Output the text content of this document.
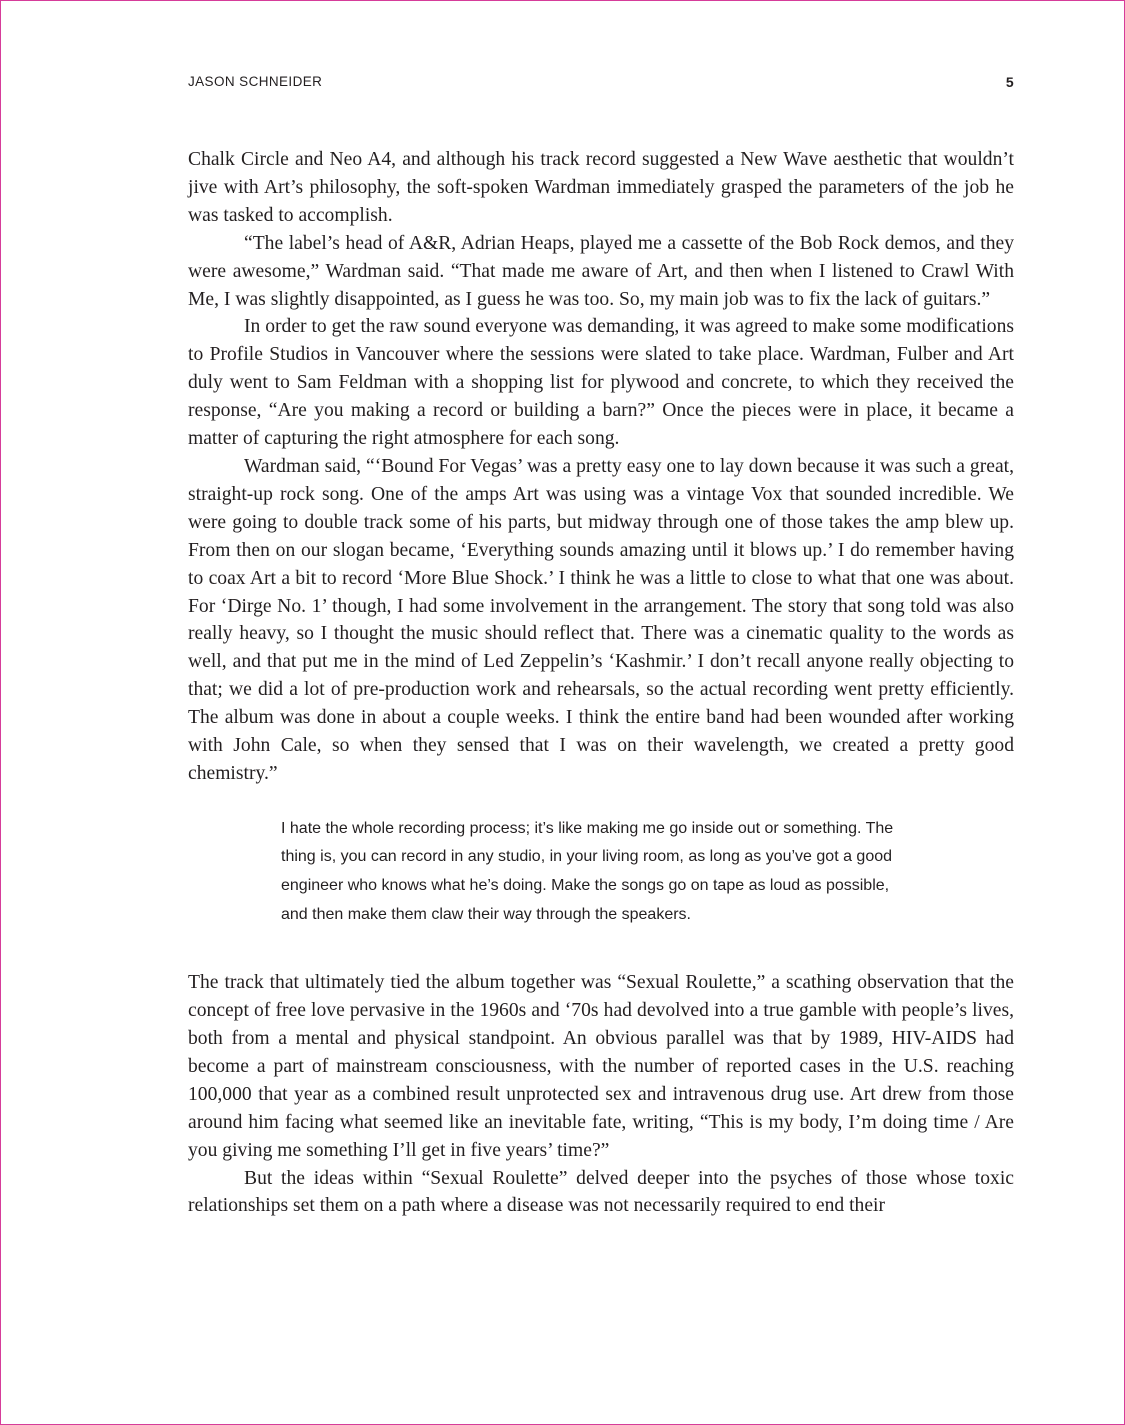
JASON SCHNEIDER	5

Chalk Circle and Neo A4, and although his track record suggested a New Wave aesthetic that wouldn’t jive with Art’s philosophy, the soft-spoken Wardman immediately grasped the parameters of the job he was tasked to accomplish.

“The label’s head of A&R, Adrian Heaps, played me a cassette of the Bob Rock demos, and they were awesome,” Wardman said. “That made me aware of Art, and then when I listened to Crawl With Me, I was slightly disappointed, as I guess he was too. So, my main job was to fix the lack of guitars.”

In order to get the raw sound everyone was demanding, it was agreed to make some modifications to Profile Studios in Vancouver where the sessions were slated to take place. Wardman, Fulber and Art duly went to Sam Feldman with a shopping list for plywood and concrete, to which they received the response, “Are you making a record or building a barn?” Once the pieces were in place, it became a matter of capturing the right atmosphere for each song.

Wardman said, “‘Bound For Vegas’ was a pretty easy one to lay down because it was such a great, straight-up rock song. One of the amps Art was using was a vintage Vox that sounded incredible. We were going to double track some of his parts, but midway through one of those takes the amp blew up. From then on our slogan became, ‘Everything sounds amazing until it blows up.’ I do remember having to coax Art a bit to record ‘More Blue Shock.’ I think he was a little to close to what that one was about. For ‘Dirge No. 1’ though, I had some involvement in the arrangement. The story that song told was also really heavy, so I thought the music should reflect that. There was a cinematic quality to the words as well, and that put me in the mind of Led Zeppelin’s ‘Kashmir.’ I don’t recall anyone really objecting to that; we did a lot of pre-production work and rehearsals, so the actual recording went pretty efficiently. The album was done in about a couple weeks. I think the entire band had been wounded after working with John Cale, so when they sensed that I was on their wavelength, we created a pretty good chemistry.”

I hate the whole recording process; it’s like making me go inside out or something. The thing is, you can record in any studio, in your living room, as long as you’ve got a good engineer who knows what he’s doing. Make the songs go on tape as loud as possible, and then make them claw their way through the speakers.

The track that ultimately tied the album together was “Sexual Roulette,” a scathing observation that the concept of free love pervasive in the 1960s and ‘70s had devolved into a true gamble with people’s lives, both from a mental and physical standpoint. An obvious parallel was that by 1989, HIV-AIDS had become a part of mainstream consciousness, with the number of reported cases in the U.S. reaching 100,000 that year as a combined result unprotected sex and intravenous drug use. Art drew from those around him facing what seemed like an inevitable fate, writing, “This is my body, I’m doing time / Are you giving me something I’ll get in five years’ time?”

But the ideas within “Sexual Roulette” delved deeper into the psyches of those whose toxic relationships set them on a path where a disease was not necessarily required to end their
